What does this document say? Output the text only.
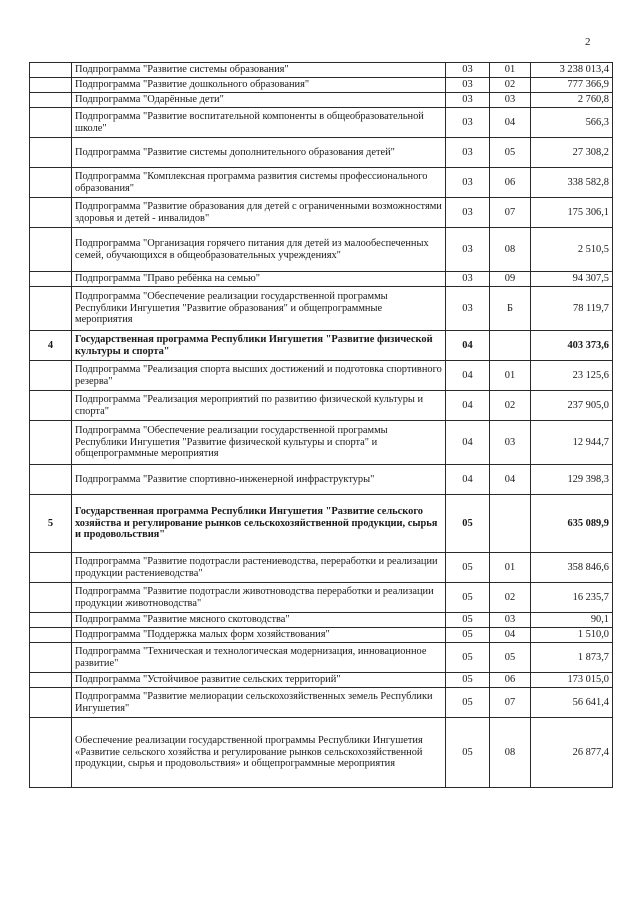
2
	Подпрограмма "Развитие системы образования"	03	01	3 238 013,4
	Подпрограмма "Развитие дошкольного образования"	03	02	777 366,9
	Подпрограмма "Одарённые дети"	03	03	2 760,8
	Подпрограмма "Развитие воспитательной компоненты в общеобразовательной школе"	03	04	566,3
	Подпрограмма "Развитие системы дополнительного образования детей"	03	05	27 308,2
	Подпрограмма "Комплексная программа развития системы профессионального образования"	03	06	338 582,8
	Подпрограмма "Развитие образования для детей с ограниченными возможностями здоровья и детей - инвалидов"	03	07	175 306,1
	Подпрограмма "Организация горячего питания для детей из малообеспеченных семей, обучающихся в общеобразовательных учреждениях"	03	08	2 510,5
	Подпрограмма "Право ребёнка на семью"	03	09	94 307,5
	Подпрограмма "Обеспечение реализации государственной программы Республики Ингушетия "Развитие образования" и общепрограммные мероприятия	03	Б	78 119,7
4	Государственная программа Республики Ингушетия "Развитие физической культуры и спорта"	04		403 373,6
	Подпрограмма "Реализация спорта высших достижений и подготовка спортивного резерва"	04	01	23 125,6
	Подпрограмма "Реализация мероприятий по развитию физической культуры и спорта"	04	02	237 905,0
	Подпрограмма "Обеспечение реализации государственной программы Республики Ингушетия "Развитие физической культуры и спорта" и общепрограммные мероприятия	04	03	12 944,7
	Подпрограмма "Развитие спортивно-инженерной инфраструктуры"	04	04	129 398,3
5	Государственная программа Республики Ингушетия "Развитие сельского хозяйства и регулирование рынков сельскохозяйственной продукции, сырья и продовольствия"	05		635 089,9
	Подпрограмма "Развитие подотрасли растениеводства, переработки и реализации продукции растениеводства"	05	01	358 846,6
	Подпрограмма "Развитие подотрасли животноводства переработки и реализации продукции животноводства"	05	02	16 235,7
	Подпрограмма "Развитие мясного скотоводства"	05	03	90,1
	Подпрограмма "Поддержка малых форм хозяйствования"	05	04	1 510,0
	Подпрограмма "Техническая и технологическая модернизация, инновационное развитие"	05	05	1 873,7
	Подпрограмма "Устойчивое развитие сельских территорий"	05	06	173 015,0
	Подпрограмма "Развитие мелиорации сельскохозяйственных земель Республики Ингушетия"	05	07	56 641,4
	Обеспечение реализации государственной программы Республики Ингушетия «Развитие сельского хозяйства и регулирование рынков сельскохозяйственной продукции, сырья и продовольствия» и общепрограммные мероприятия	05	08	26 877,4
